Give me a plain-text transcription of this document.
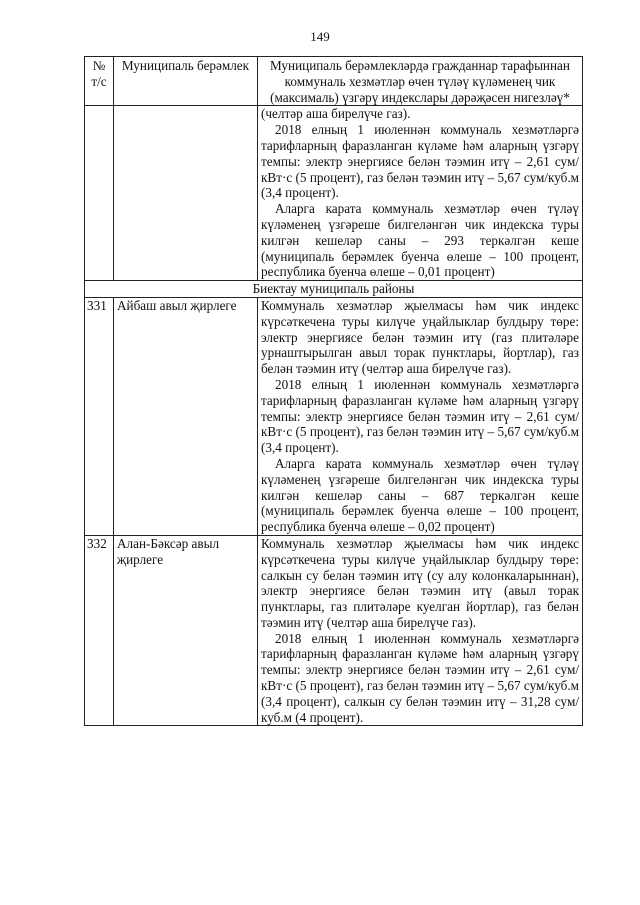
149
№ т/с	Муниципаль берәмлек	Муниципаль берәмлекләрдә гражданнар тарафыннан коммуналь хезмәтләр өчен түләү күләменең чик (максималь) үзгәрү индекслары дәрәҗәсен нигезләү*

		(челтәр аша бирелүче газ).

2018 елның 1 июленнән коммуналь хезмәтләргә тарифларның фаразланган күләме һәм аларның үзгәрү темпы: электр энергиясе белән тәэмин итү – 2,61 сум/кВт·с (5 процент), газ белән тәэмин итү – 5,67 сум/куб.м (3,4 процент).

Аларга карата коммуналь хезмәтләр өчен түләү күләменең үзгәреше билгеләнгән чик индекска туры килгән кешеләр саны – 293 теркәлгән кеше (муниципаль берәмлек буенча өлеше – 100 процент, республика буенча өлеше – 0,01 процент)

Биектау муниципаль районы		
331	Айбаш авыл җирлеге	Коммуналь хезмәтләр җыелмасы һәм чик индекс күрсәткечена туры килүче уңайлыклар булдыру төре: электр энергиясе белән тәэмин итү (газ плитәләре урнаштырылган авыл торак пунктлары, йортлар), газ белән тәэмин итү (челтәр аша бирелүче газ).

2018 елның 1 июленнән коммуналь хезмәтләргә тарифларның фаразланган күләме һәм аларның үзгәрү темпы: электр энергиясе белән тәэмин итү – 2,61 сум/кВт·с (5 процент), газ белән тәэмин итү – 5,67 сум/куб.м (3,4 процент).

Аларга карата коммуналь хезмәтләр өчен түләү күләменең үзгәреше билгеләнгән чик индекска туры килгән кешеләр саны – 687 теркәлгән кеше (муниципаль берәмлек буенча өлеше – 100 процент, республика буенча өлеше – 0,02 процент)

332	Алан-Бәксәр авыл җирлеге	Коммуналь хезмәтләр җыелмасы һәм чик индекс күрсәткечена туры килүче уңайлыклар булдыру төре: салкын су белән тәэмин итү (су алу колонкаларыннан), электр энергиясе белән тәэмин итү (авыл торак пунктлары, газ плитәләре куелган йортлар), газ белән тәэмин итү (челтәр аша бирелүче газ).

2018 елның 1 июленнән коммуналь хезмәтләргә тарифларның фаразланган күләме һәм аларның үзгәрү темпы: электр энергиясе белән тәэмин итү – 2,61 сум/кВт·с (5 процент), газ белән тәэмин итү – 5,67 сум/куб.м (3,4 процент), салкын су белән тәэмин итү – 31,28 сум/куб.м (4 процент).
